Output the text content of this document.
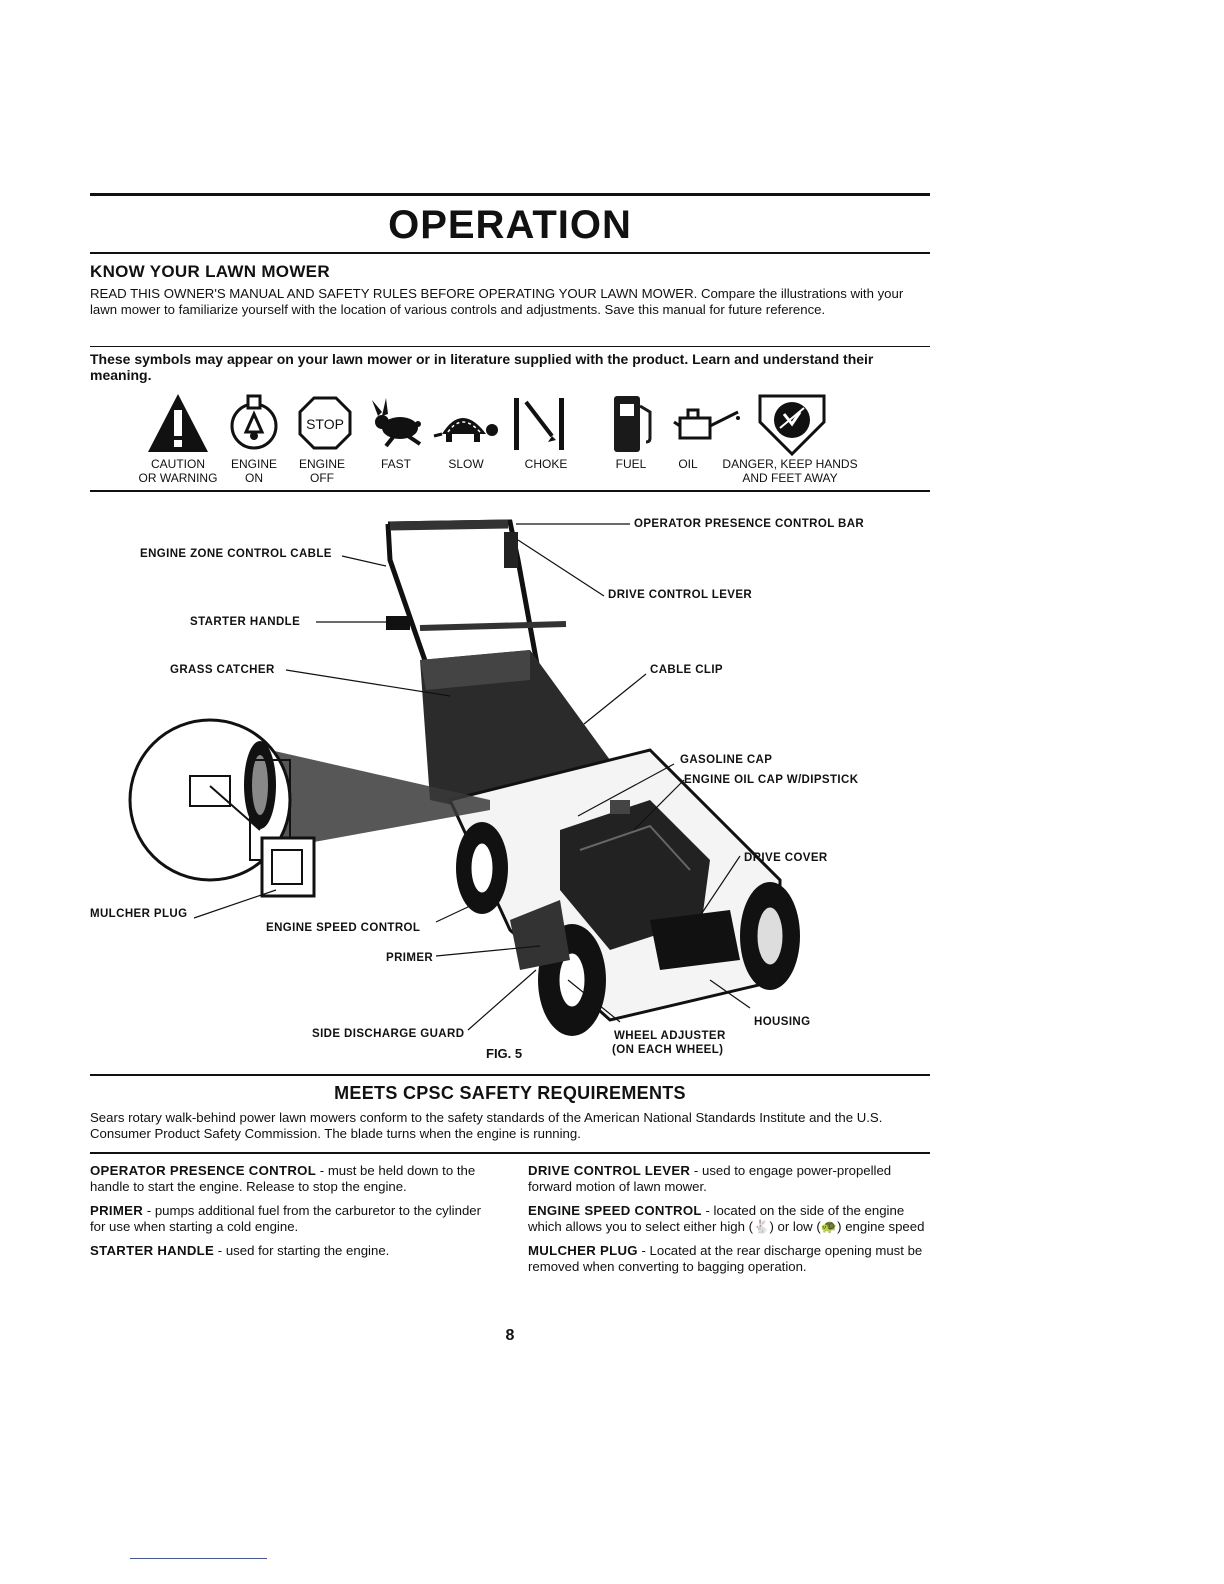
OPERATION
KNOW YOUR LAWN MOWER
READ THIS OWNER'S MANUAL AND SAFETY RULES BEFORE OPERATING YOUR LAWN MOWER. Compare the illustrations with your lawn mower to familiarize yourself with the location of various controls and adjustments. Save this manual for future reference.
These symbols may appear on your lawn mower or in literature supplied with the product. Learn and understand their meaning.
STOP
CAUTION
OR WARNING
ENGINE
ON
ENGINE
OFF
FAST	SLOW	CHOKE	FUEL	OIL	DANGER, KEEP HANDS
AND FEET AWAY
OPERATOR PRESENCE CONTROL BAR
ENGINE ZONE CONTROL CABLE
DRIVE CONTROL LEVER
STARTER HANDLE
GRASS CATCHER	CABLE CLIP
GASOLINE CAP
ENGINE OIL CAP W/DIPSTICK
DRIVE COVER
MULCHER PLUG
ENGINE SPEED CONTROL
PRIMER
HOUSING
SIDE DISCHARGE GUARD	WHEEL ADJUSTER
(ON EACH WHEEL)
FIG. 5
MEETS CPSC SAFETY REQUIREMENTS
Sears rotary walk-behind power lawn mowers conform to the safety standards of the American National Standards Institute and the U.S. Consumer Product Safety Commission. The blade turns when the engine is running.

OPERATOR PRESENCE CONTROL - must be held down to the handle to start the engine. Release to stop the engine.

PRIMER - pumps additional fuel from the carburetor to the cylinder for use when starting a cold engine.

STARTER HANDLE - used for starting the engine.

DRIVE CONTROL LEVER - used to engage power-propelled forward motion of lawn mower.

ENGINE SPEED CONTROL - located on the side of the engine which allows you to select either high (🐇) or low (🐢) engine speed

MULCHER PLUG - Located at the rear discharge opening must be removed when converting to bagging operation.

8
